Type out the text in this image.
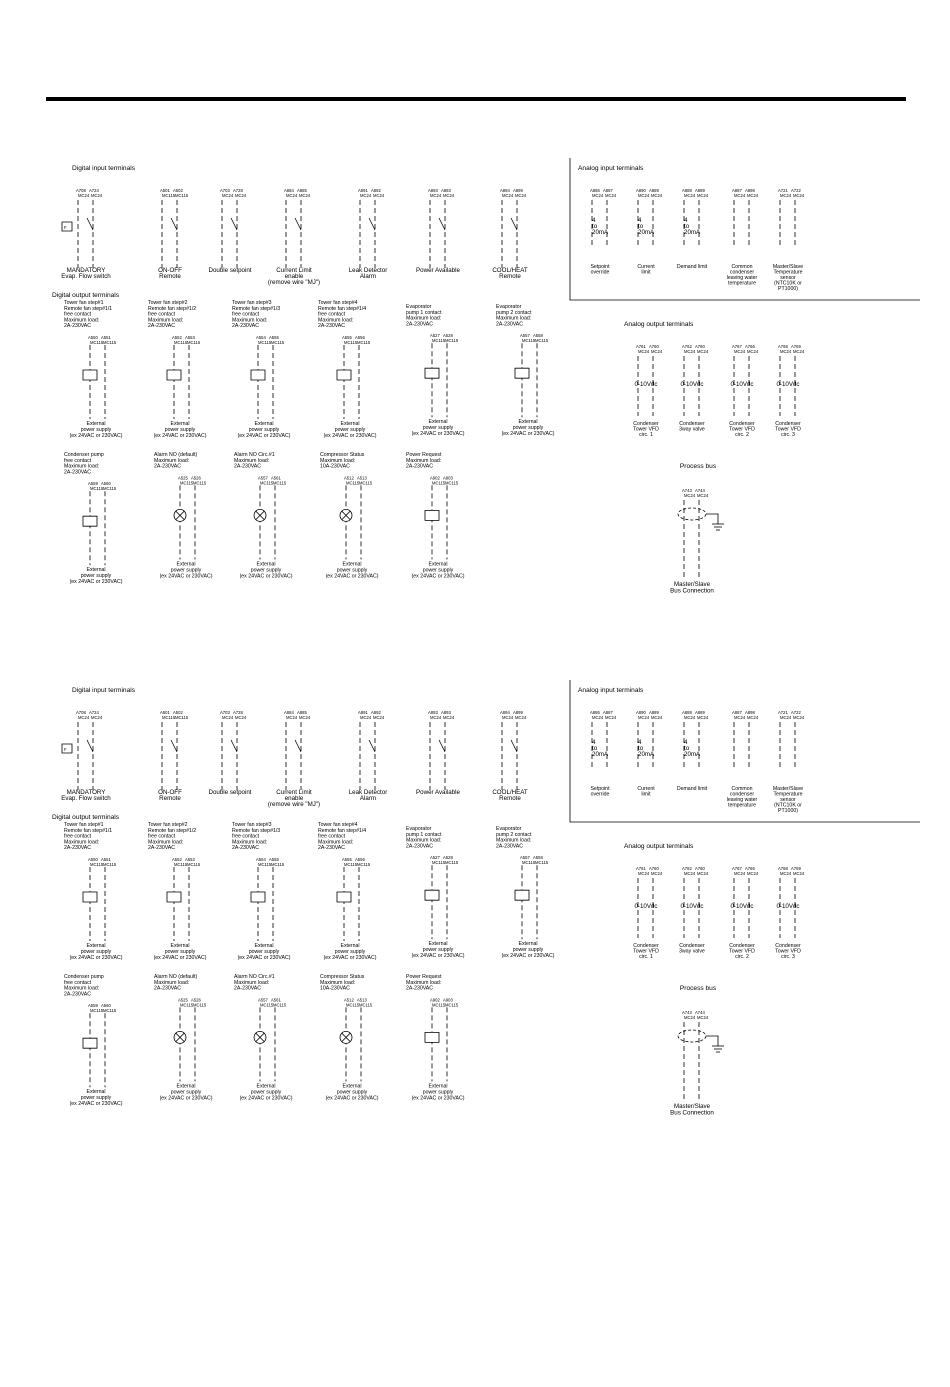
Digital input terminals
A708 A724
MC24 MC24
F
MANDATORY
Evap. Flow switch
A501 A502
MC115 MC115
ON-OFF
Remote
A703 A728
MC24 MC24
Double setpoint
A884 A885
MC24 MC24
Current Limit
enable
(remove wire "MJ")
A891 A892
MC24 MC24
Leak Detector
Alarm
A893 A893
MC24 MC24
Power Available
A894 A899
MC24 MC24
COOL/HEAT
Remote
Analog input terminals
A886 A887
MC24 MC24
4
to
20mA
Setpoint
override
A890 A889
MC24 MC24
4
to
20mA
Current
limit
A888 A889
MC24 MC24
4
to
20mA
Demand limit
A887 A898
MC24 MC24
Common
condenser
leaving water
temperature
A721 A722
MC24 MC24
Master/Slave
Temperature
sensor
(NTC10K or
PT1000)
Digital output terminals
Tower fan step#1
Remote fan step#1/1
free contact
Maximum load:
2A-230VAC
A550 A551
MC115 MC115
External
power supply
(ex 24VAC or 230VAC)
Tower fan step#2
Remote fan step#1/2
free contact
Maximum load:
2A-230VAC
A552 A553
MC115 MC115
External
power supply
(ex 24VAC or 230VAC)
Tower fan step#3
Remote fan step#1/3
free contact
Maximum load:
2A-230VAC
A554 A555
MC115 MC115
External
power supply
(ex 24VAC or 230VAC)
Tower fan step#4
Remote fan step#1/4
free contact
Maximum load:
2A-230VAC
A555 A556
MC115 MC115
External
power supply
(ex 24VAC or 230VAC)
Evaporator
pump 1 contact
Maximum load:
2A-230VAC
A527 A528
MC115 MC115
External
power supply
(ex 24VAC or 230VAC)
Evaporator
pump 2 contact
Maximum load:
2A-230VAC
A557 A558
MC115 MC115
External
power supply
(ex 24VAC or 230VAC)
Condenser pump
free contact
Maximum load:
2A-230VAC
A559 A560
MC115 MC115
External
power supply
(ex 24VAC or 230VAC)
Alarm NO (default)
Maximum load:
2A-230VAC
A525 A526
MC115 MC115
External
power supply
(ex 24VAC or 230VAC)
Alarm NO Circ.#1
Maximum load:
2A-230VAC
A557 A561
MC115 MC115
External
power supply
(ex 24VAC or 230VAC)
Compressor Status
Maximum load:
10A-230VAC
A512 A513
MC115 MC115
External
power supply
(ex 24VAC or 230VAC)
Power Request
Maximum load:
2A-230VAC
A902 A903
MC115 MC115
External
power supply
(ex 24VAC or 230VAC)
Analog output terminals
A761 A760
MC24 MC24
0-10Vdc
Condenser
Tower VFD
circ. 1
A762 A760
MC24 MC24
0-10Vdc
Condenser
3way valve
A767 A766
MC24 MC24
0-10Vdc
Condenser
Tower VFD
circ. 2
A768 A769
MC24 MC24
0-10Vdc
Condenser
Tower VFD
circ. 3
Process bus
A743 A744
MC24 MC24
Master/Slave
Bus Connection
Digital input terminals
A708 A724
MC24 MC24
F
MANDATORY
Evap. Flow switch
A501 A502
MC115 MC115
ON-OFF
Remote
A703 A728
MC24 MC24
Double setpoint
A884 A885
MC24 MC24
Current Limit
enable
(remove wire "MJ")
A891 A892
MC24 MC24
Leak Detector
Alarm
A893 A893
MC24 MC24
Power Available
A894 A899
MC24 MC24
COOL/HEAT
Remote
Analog input terminals
A886 A887
MC24 MC24
4
to
20mA
Setpoint
override
A890 A889
MC24 MC24
4
to
20mA
Current
limit
A888 A889
MC24 MC24
4
to
20mA
Demand limit
A887 A898
MC24 MC24
Common
condenser
leaving water
temperature
A721 A722
MC24 MC24
Master/Slave
Temperature
sensor
(NTC10K or
PT1000)
Digital output terminals
Tower fan step#1
Remote fan step#1/1
free contact
Maximum load:
2A-230VAC
A550 A551
MC115 MC115
External
power supply
(ex 24VAC or 230VAC)
Tower fan step#2
Remote fan step#1/2
free contact
Maximum load:
2A-230VAC
A552 A553
MC115 MC115
External
power supply
(ex 24VAC or 230VAC)
Tower fan step#3
Remote fan step#1/3
free contact
Maximum load:
2A-230VAC
A554 A555
MC115 MC115
External
power supply
(ex 24VAC or 230VAC)
Tower fan step#4
Remote fan step#1/4
free contact
Maximum load:
2A-230VAC
A555 A556
MC115 MC115
External
power supply
(ex 24VAC or 230VAC)
Evaporator
pump 1 contact
Maximum load:
2A-230VAC
A527 A528
MC115 MC115
External
power supply
(ex 24VAC or 230VAC)
Evaporator
pump 2 contact
Maximum load:
2A-230VAC
A557 A558
MC115 MC115
External
power supply
(ex 24VAC or 230VAC)
Condenser pump
free contact
Maximum load:
2A-230VAC
A559 A560
MC115 MC115
External
power supply
(ex 24VAC or 230VAC)
Alarm NO (default)
Maximum load:
2A-230VAC
A525 A526
MC115 MC115
External
power supply
(ex 24VAC or 230VAC)
Alarm NO Circ.#1
Maximum load:
2A-230VAC
A557 A561
MC115 MC115
External
power supply
(ex 24VAC or 230VAC)
Compressor Status
Maximum load:
10A-230VAC
A512 A513
MC115 MC115
External
power supply
(ex 24VAC or 230VAC)
Power Request
Maximum load:
2A-230VAC
A902 A903
MC115 MC115
External
power supply
(ex 24VAC or 230VAC)
Analog output terminals
A761 A760
MC24 MC24
0-10Vdc
Condenser
Tower VFD
circ. 1
A762 A760
MC24 MC24
0-10Vdc
Condenser
3way valve
A767 A766
MC24 MC24
0-10Vdc
Condenser
Tower VFD
circ. 2
A768 A769
MC24 MC24
0-10Vdc
Condenser
Tower VFD
circ. 3
Process bus
A743 A744
MC24 MC24
Master/Slave
Bus Connection
